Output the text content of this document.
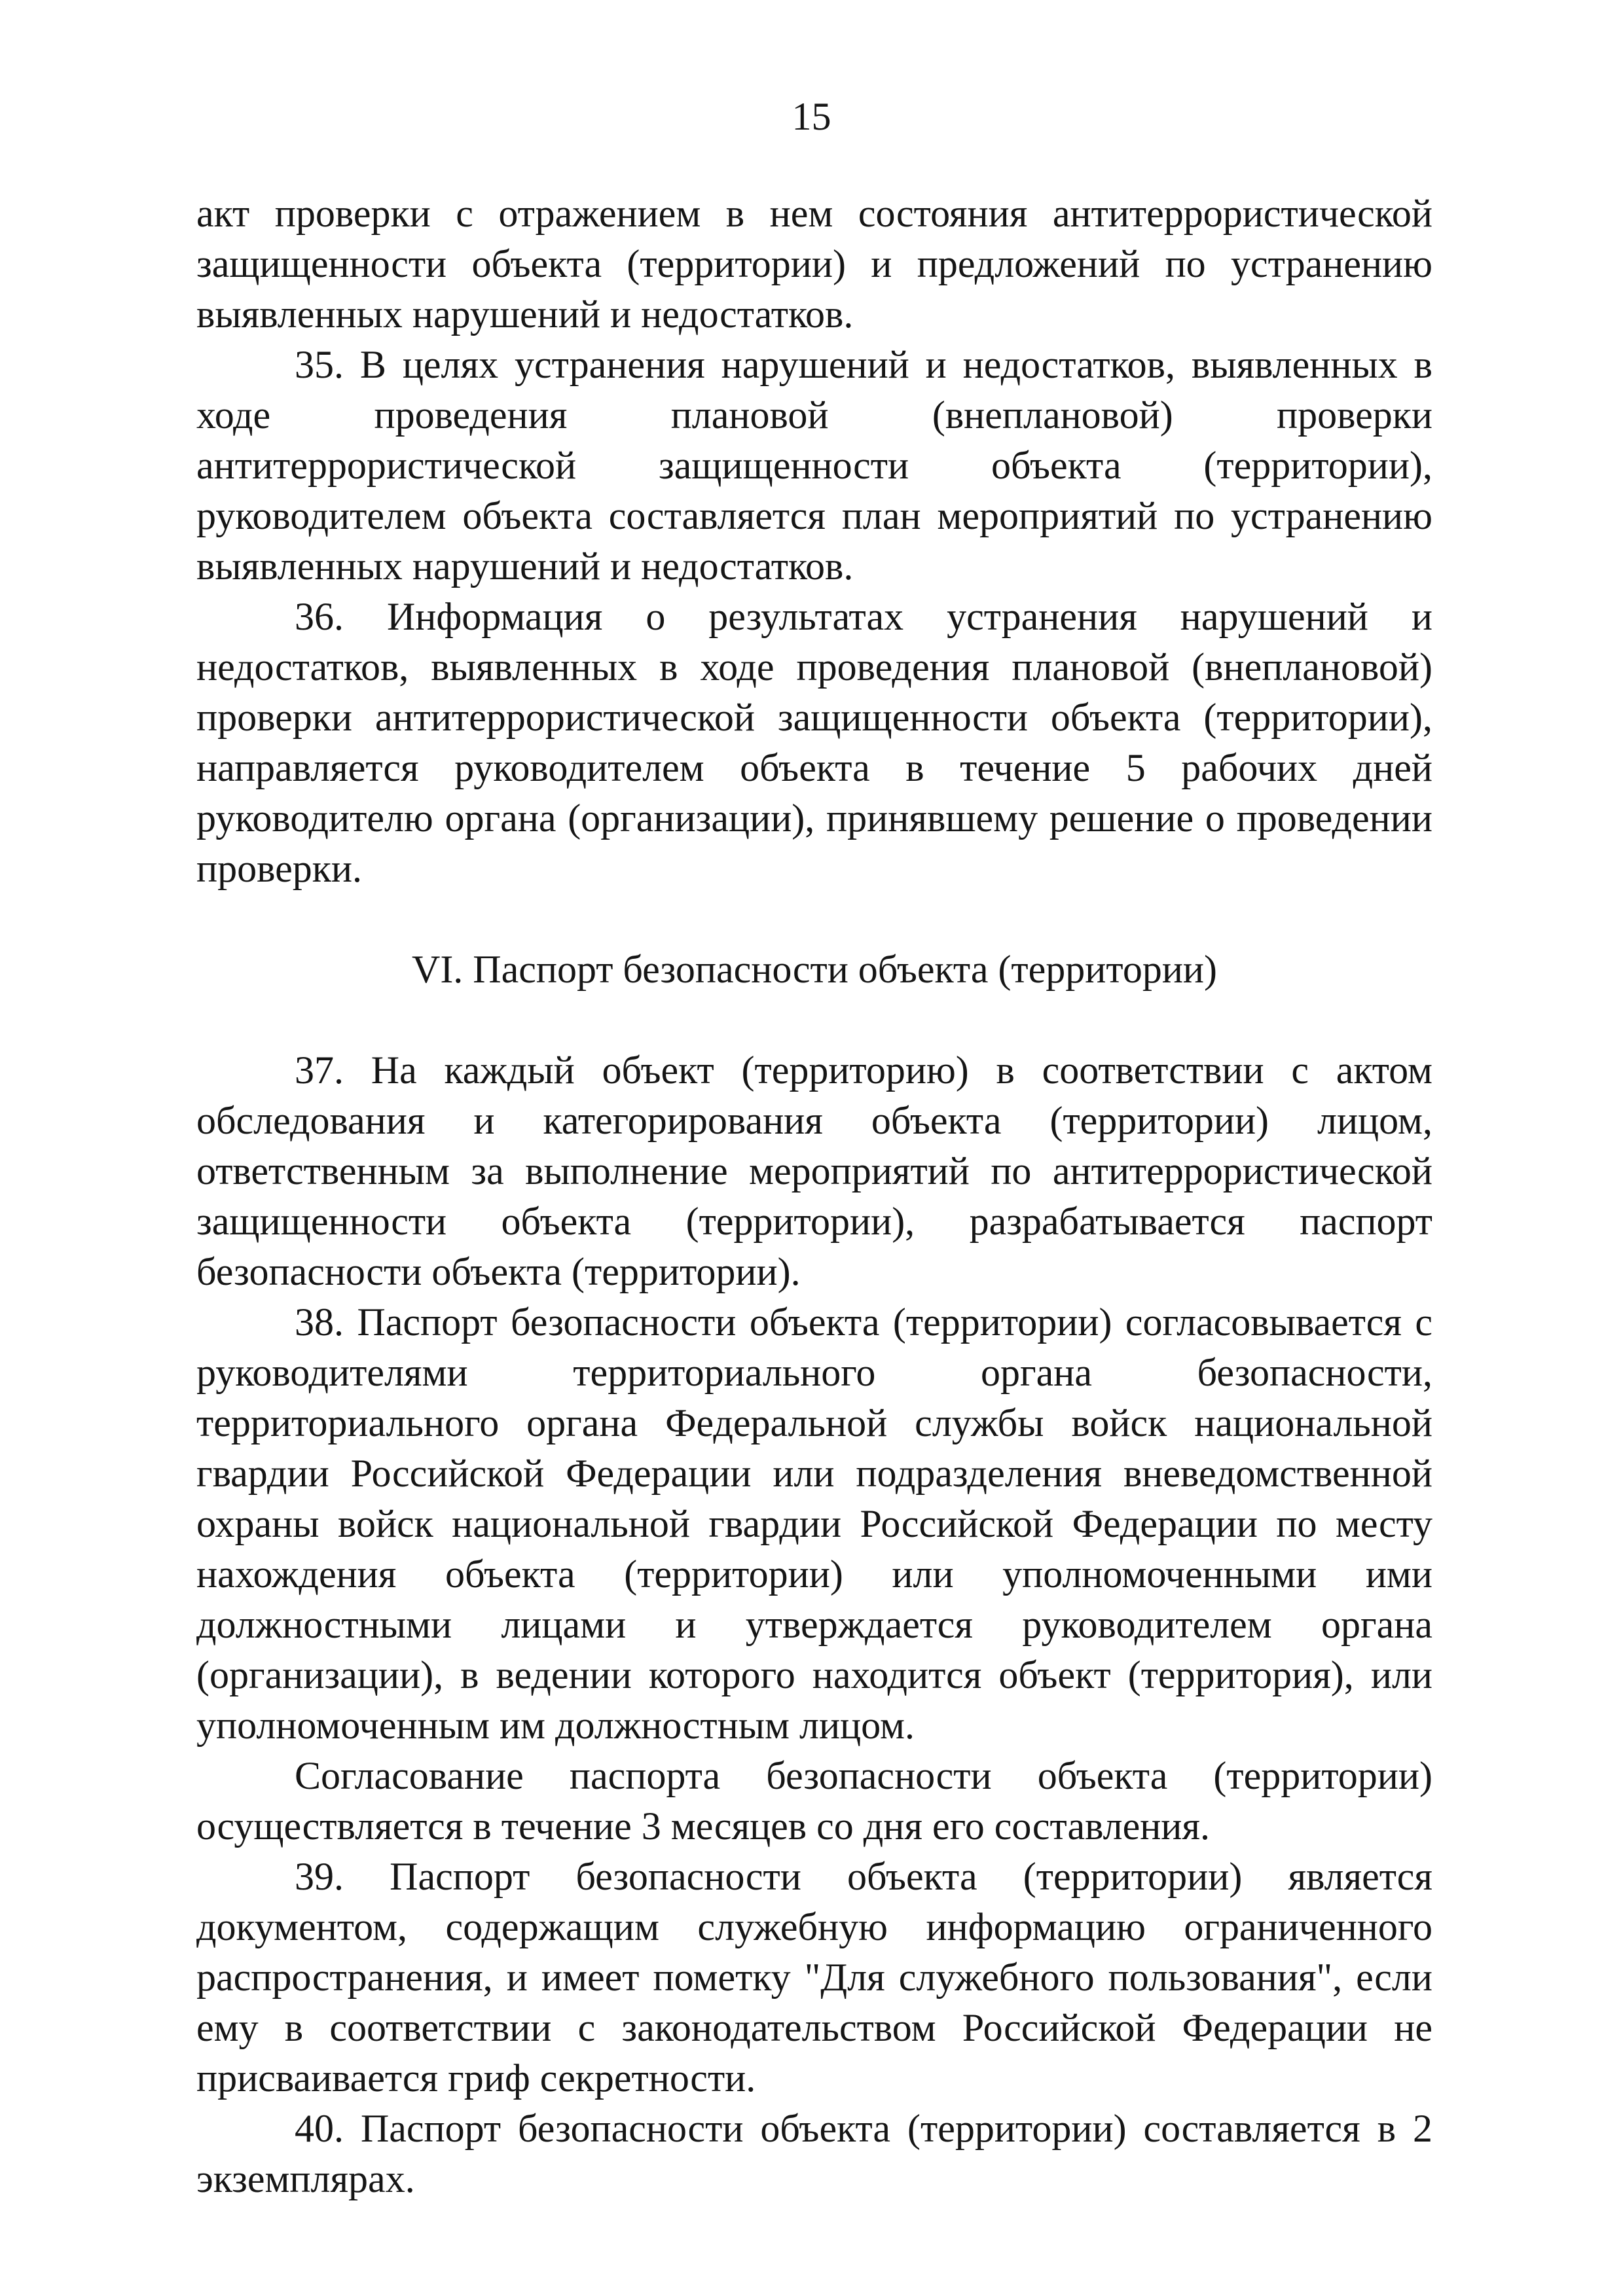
15

акт проверки с отражением в нем состояния антитеррористической защищенности объекта (территории) и предложений по устранению выявленных нарушений и недостатков.

35. В целях устранения нарушений и недостатков, выявленных в ходе проведения плановой (внеплановой) проверки антитеррористической защищенности объекта (территории), руководителем объекта составляется план мероприятий по устранению выявленных нарушений и недостатков.

36. Информация о результатах устранения нарушений и недостатков, выявленных в ходе проведения плановой (внеплановой) проверки антитеррористической защищенности объекта (территории), направляется руководителем объекта в течение 5 рабочих дней руководителю органа (организации), принявшему решение о проведении проверки.

VI. Паспорт безопасности объекта (территории)

37. На каждый объект (территорию) в соответствии с актом обследования и категорирования объекта (территории) лицом, ответственным за выполнение мероприятий по антитеррористической защищенности объекта (территории), разрабатывается паспорт безопасности объекта (территории).

38. Паспорт безопасности объекта (территории) согласовывается с руководителями территориального органа безопасности, территориального органа Федеральной службы войск национальной гвардии Российской Федерации или подразделения вневедомственной охраны войск национальной гвардии Российской Федерации по месту нахождения объекта (территории) или уполномоченными ими должностными лицами и утверждается руководителем органа (организации), в ведении которого находится объект (территория), или уполномоченным им должностным лицом.

Согласование паспорта безопасности объекта (территории) осуществляется в течение 3 месяцев со дня его составления.

39. Паспорт безопасности объекта (территории) является документом, содержащим служебную информацию ограниченного распространения, и имеет пометку "Для служебного пользования", если ему в соответствии с законодательством Российской Федерации не присваивается гриф секретности.

40. Паспорт безопасности объекта (территории) составляется в 2 экземплярах.
